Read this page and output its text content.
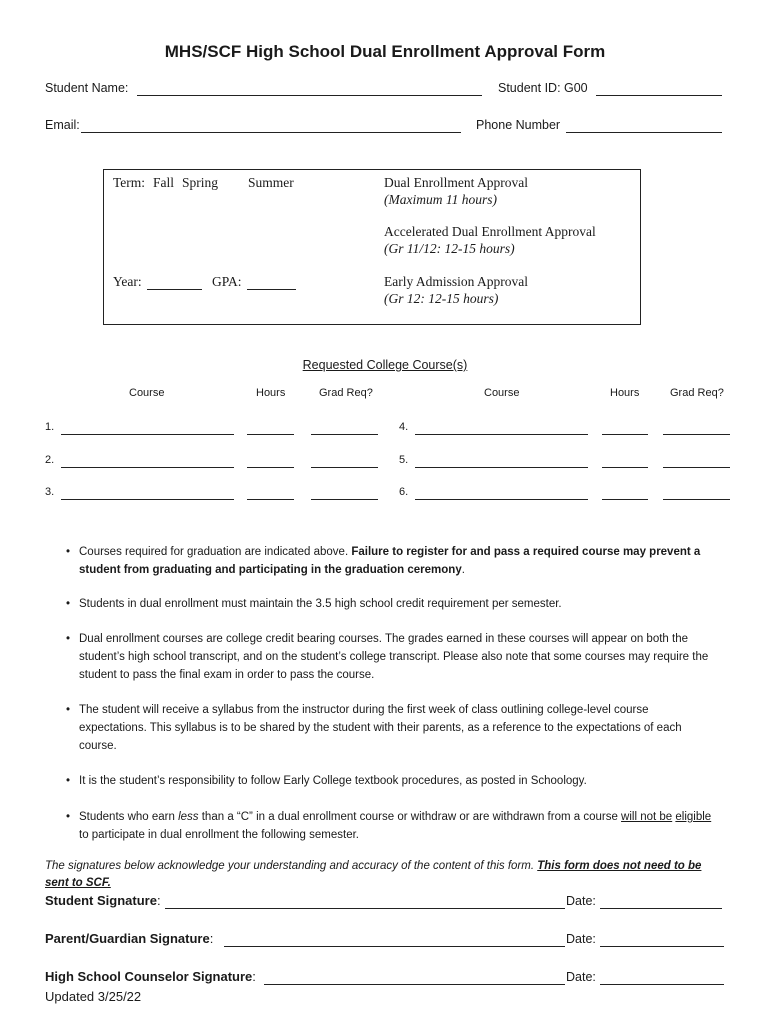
MHS/SCF High School Dual Enrollment Approval Form
Student Name:	Student ID: G00
Email:	Phone Number
Term: Fall Spring Summer
Year:	GPA:
Dual Enrollment Approval
(Maximum 11 hours)
Accelerated Dual Enrollment Approval
(Gr 11/12: 12-15 hours)
Early Admission Approval
(Gr 12: 12-15 hours)
Requested College Course(s)
Course	Hours	Grad Req?	Course	Hours	Grad Req?
1.	4.
2.	5.
3.	6.
• Courses required for graduation are indicated above. Failure to register for and pass a required course may prevent a student from graduating and participating in the graduation ceremony.
• Students in dual enrollment must maintain the 3.5 high school credit requirement per semester.
• Dual enrollment courses are college credit bearing courses. The grades earned in these courses will appear on both the student’s high school transcript, and on the student’s college transcript. Please also note that some courses may require the student to pass the final exam in order to pass the course.
• The student will receive a syllabus from the instructor during the first week of class outlining college-level course expectations. This syllabus is to be shared by the student with their parents, as a reference to the expectations of each course.
• It is the student’s responsibility to follow Early College textbook procedures, as posted in Schoology.
• Students who earn less than a “C” in a dual enrollment course or withdraw or are withdrawn from a course will not be eligible to participate in dual enrollment the following semester.
The signatures below acknowledge your understanding and accuracy of the content of this form. This form does not need to be sent to SCF.
Student Signature:	Date:
Parent/Guardian Signature:	Date:
High School Counselor Signature:	Date:
Updated 3/25/22
